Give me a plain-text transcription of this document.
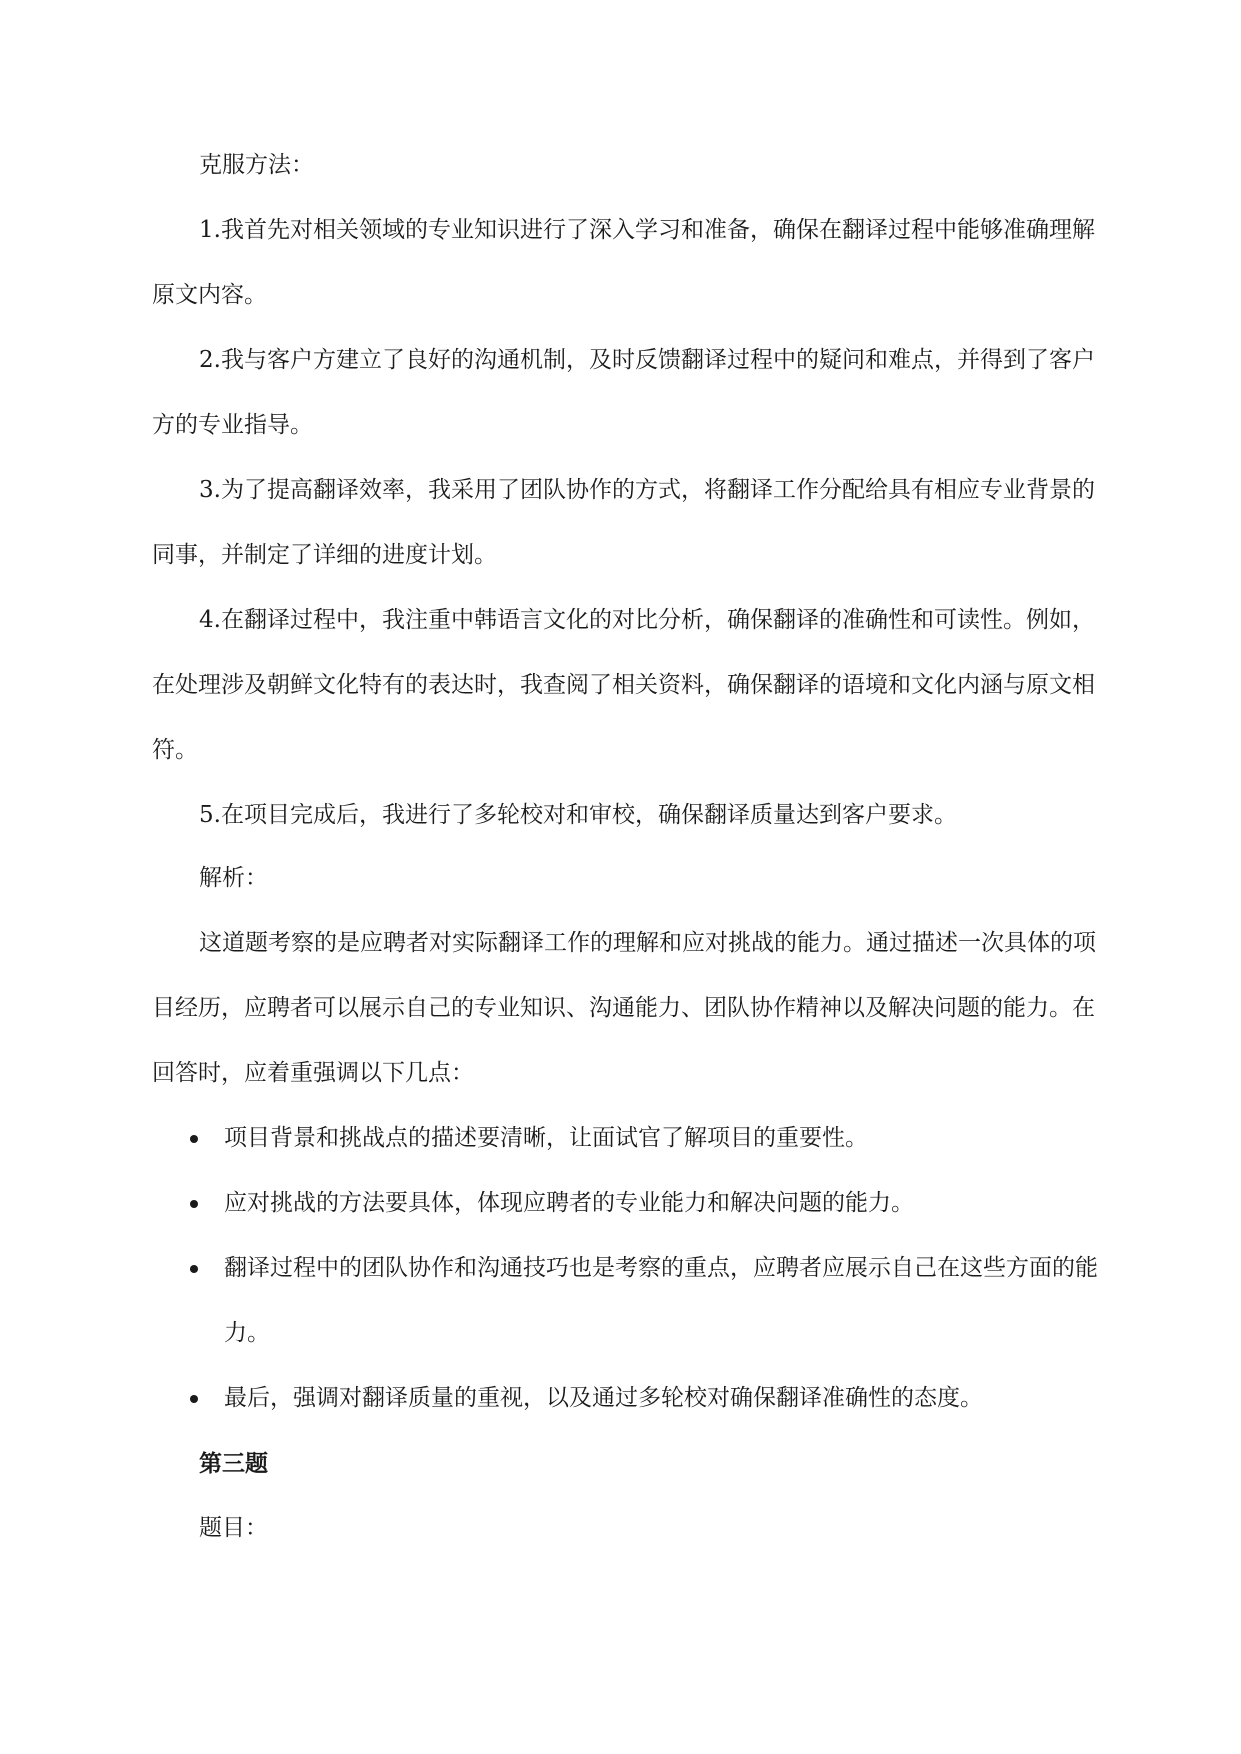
克服方法：

1.我首先对相关领域的专业知识进行了深入学习和准备，确保在翻译过程中能够准确理解原文内容。

2.我与客户方建立了良好的沟通机制，及时反馈翻译过程中的疑问和难点，并得到了客户方的专业指导。

3.为了提高翻译效率，我采用了团队协作的方式，将翻译工作分配给具有相应专业背景的同事，并制定了详细的进度计划。

4.在翻译过程中，我注重中韩语言文化的对比分析，确保翻译的准确性和可读性。例如，在处理涉及朝鲜文化特有的表达时，我查阅了相关资料，确保翻译的语境和文化内涵与原文相符。

5.在项目完成后，我进行了多轮校对和审校，确保翻译质量达到客户要求。

解析：

这道题考察的是应聘者对实际翻译工作的理解和应对挑战的能力。通过描述一次具体的项目经历，应聘者可以展示自己的专业知识、沟通能力、团队协作精神以及解决问题的能力。在回答时，应着重强调以下几点：

项目背景和挑战点的描述要清晰，让面试官了解项目的重要性。
应对挑战的方法要具体，体现应聘者的专业能力和解决问题的能力。
翻译过程中的团队协作和沟通技巧也是考察的重点，应聘者应展示自己在这些方面的能力。
最后，强调对翻译质量的重视，以及通过多轮校对确保翻译准确性的态度。

第三题

题目：
